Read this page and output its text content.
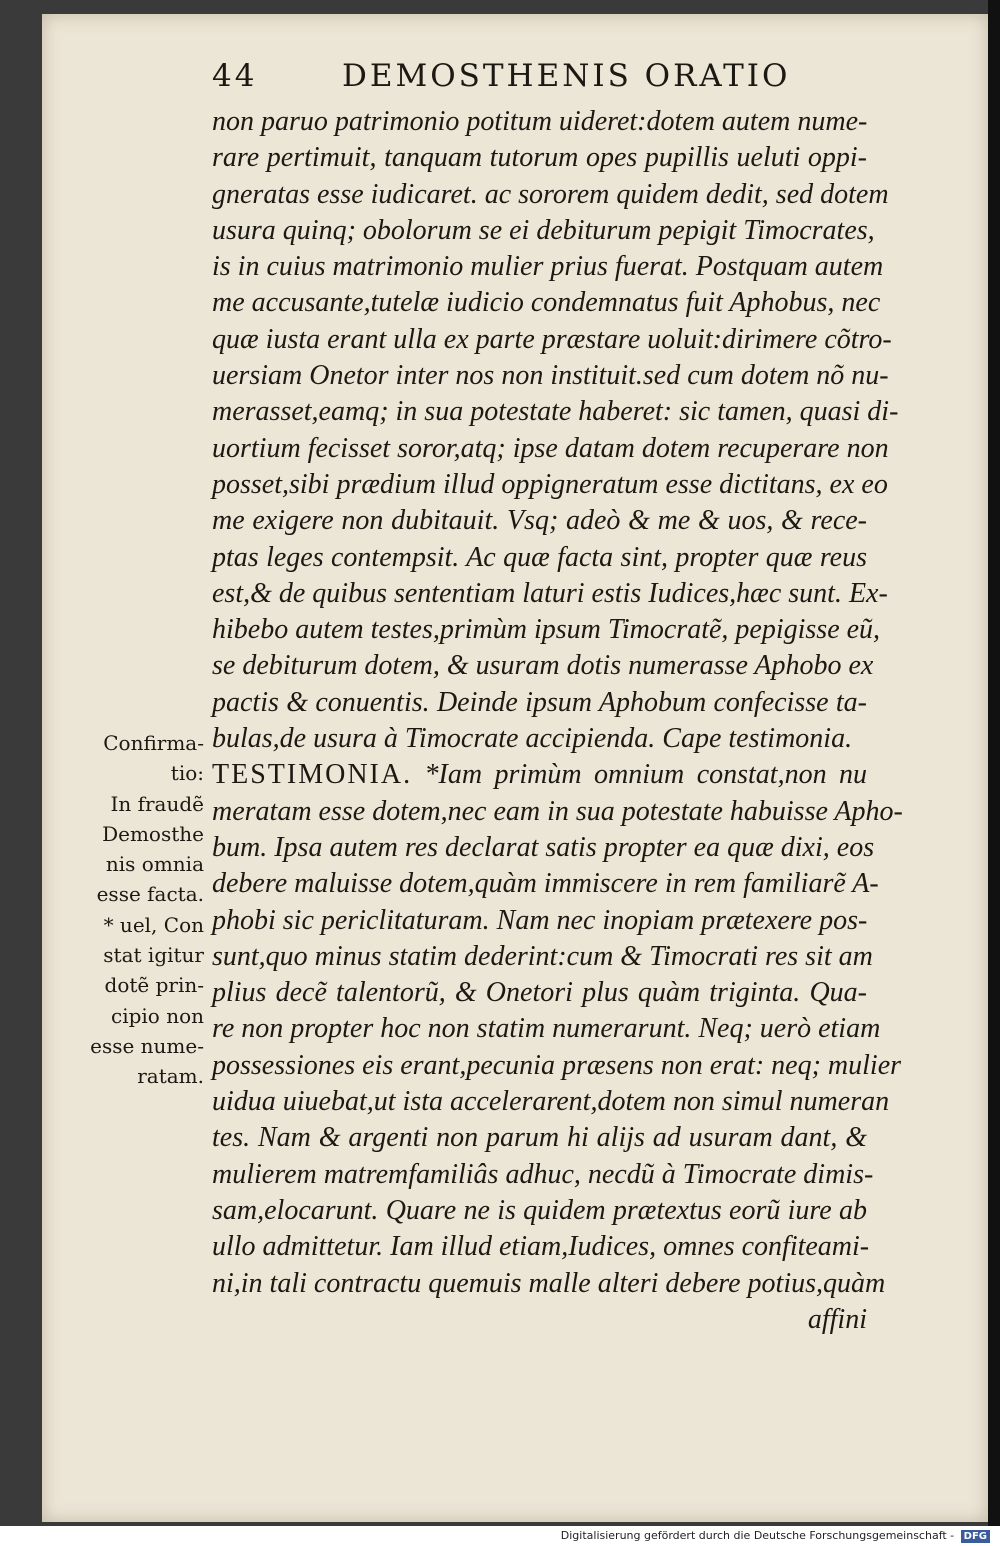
44	DEMOSTHENIS ORATIO
non paruo patrimonio potitum uideret:dotem autem nume-
rare pertimuit, tanquam tutorum opes pupillis ueluti oppi-
gneratas esse iudicaret. ac sororem quidem dedit, sed dotem
usura quinq; obolorum se ei debiturum pepigit Timocrates,
is in cuius matrimonio mulier prius fuerat. Postquam autem
me accusante,tutelæ iudicio condemnatus fuit Aphobus, nec
quæ iusta erant ulla ex parte præstare uoluit:dirimere cõtro-
uersiam Onetor inter nos non instituit.sed cum dotem nõ nu-
merasset,eamq; in sua potestate haberet: sic tamen, quasi di-
uortium fecisset soror,atq; ipse datam dotem recuperare non
posset,sibi prædium illud oppigneratum esse dictitans, ex eo
me exigere non dubitauit. Vsq; adeò & me & uos, & rece-
ptas leges contempsit. Ac quæ facta sint, propter quæ reus
est,& de quibus sententiam laturi estis Iudices,hæc sunt. Ex-
hibebo autem testes,primùm ipsum Timocratẽ, pepigisse eũ,
se debiturum dotem, & usuram dotis numerasse Aphobo ex
pactis & conuentis. Deinde ipsum Aphobum confecisse ta-
bulas,de usura à Timocrate accipienda. Cape testimonia.
TESTIMONIA. *Iam primùm omnium constat,non nu
meratam esse dotem,nec eam in sua potestate habuisse Apho-
bum. Ipsa autem res declarat satis propter ea quæ dixi, eos
debere maluisse dotem,quàm immiscere in rem familiarẽ A-
phobi sic periclitaturam. Nam nec inopiam prætexere pos-
sunt,quo minus statim dederint:cum & Timocrati res sit am
plius decẽ talentorũ, & Onetori plus quàm triginta. Qua-
re non propter hoc non statim numerarunt. Neq; uerò etiam
possessiones eis erant,pecunia præsens non erat: neq; mulier
uidua uiuebat,ut ista accelerarent,dotem non simul numeran
tes. Nam & argenti non parum hi alijs ad usuram dant, &
mulierem matremfamiliâs adhuc, necdũ à Timocrate dimis-
sam,elocarunt. Quare ne is quidem prætextus eorũ iure ab
ullo admittetur. Iam illud etiam,Iudices, omnes confiteami-
ni,in tali contractu quemuis malle alteri debere potius,quàm
affini
Confirma-
tio:
In fraudẽ
Demosthe
nis omnia
esse facta.
* uel, Con
stat igitur
dotẽ prin-
cipio non
esse nume-
ratam.
Digitalisierung gefördert durch die Deutsche Forschungsgemeinschaft - DFG
